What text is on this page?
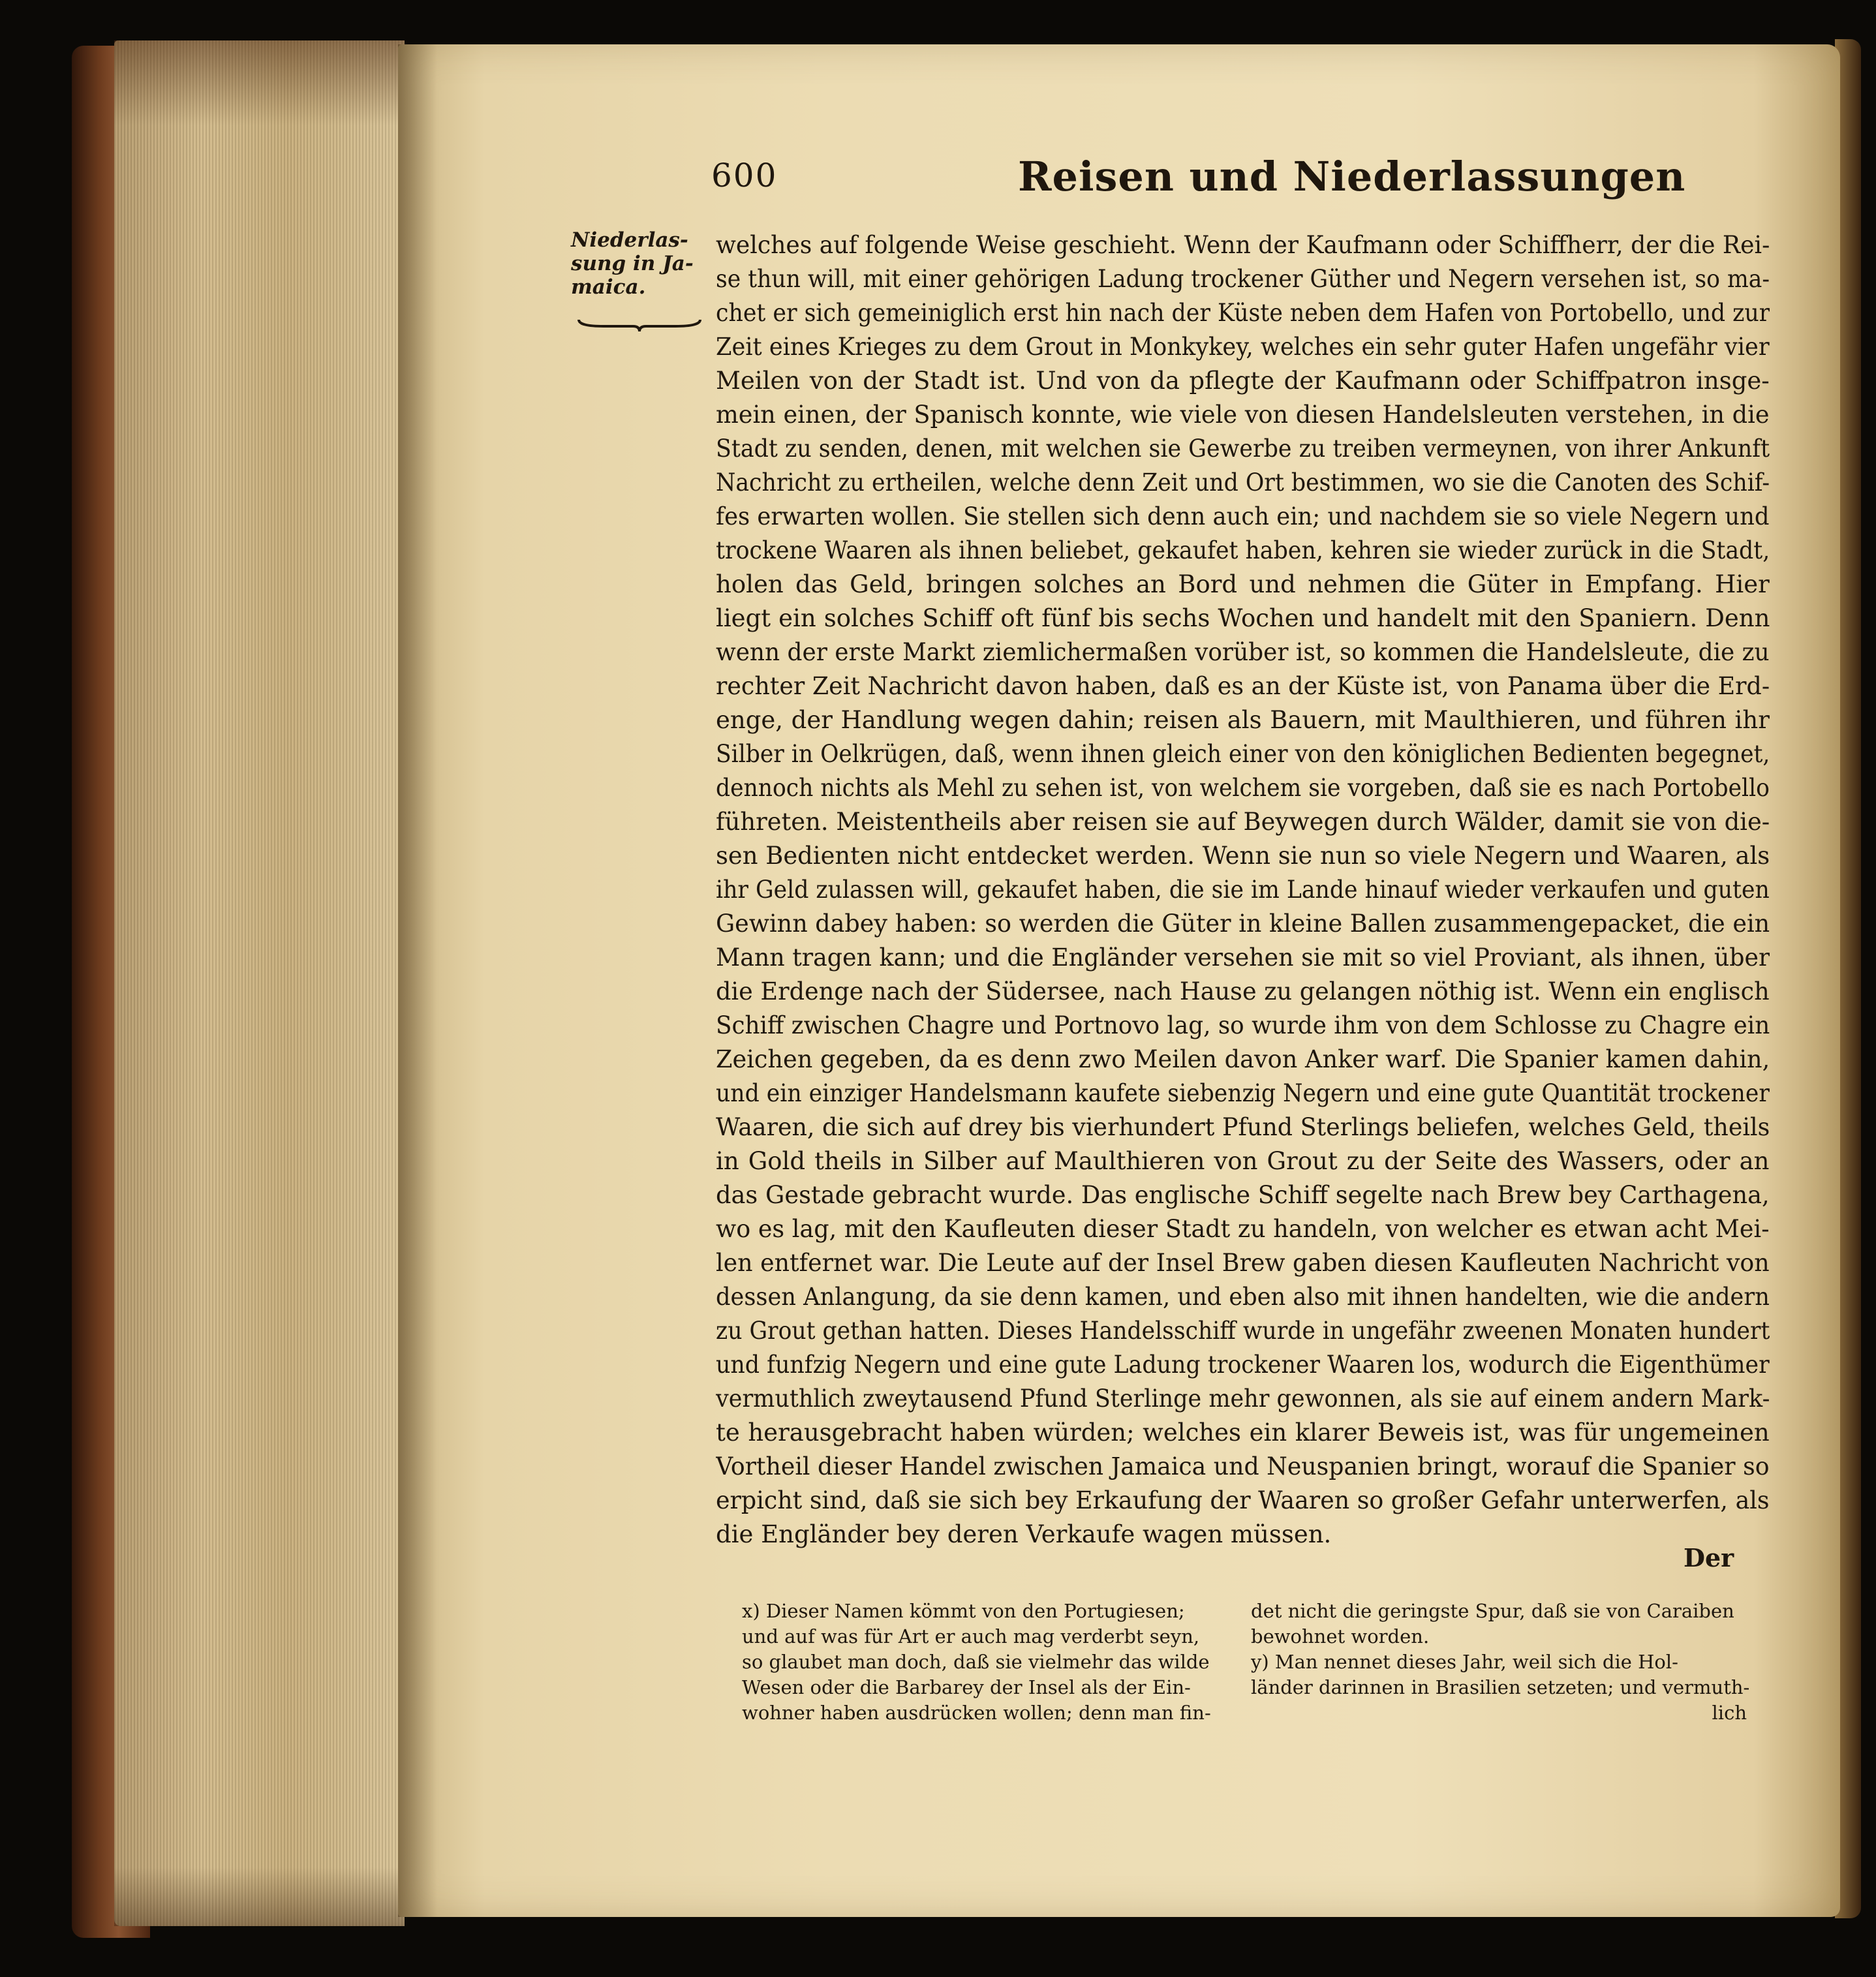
600	Reisen und Niederlassungen
Niederlas-
sung in Ja-
maica.
welches auf folgende Weise geschieht. Wenn der Kaufmann oder Schiffherr, der die Rei-
se thun will, mit einer gehörigen Ladung trockener Güther und Negern versehen ist, so ma-
chet er sich gemeiniglich erst hin nach der Küste neben dem Hafen von Portobello, und zur
Zeit eines Krieges zu dem Grout in Monkykey, welches ein sehr guter Hafen ungefähr vier
Meilen von der Stadt ist. Und von da pflegte der Kaufmann oder Schiffpatron insge-
mein einen, der Spanisch konnte, wie viele von diesen Handelsleuten verstehen, in die
Stadt zu senden, denen, mit welchen sie Gewerbe zu treiben vermeynen, von ihrer Ankunft
Nachricht zu ertheilen, welche denn Zeit und Ort bestimmen, wo sie die Canoten des Schif-
fes erwarten wollen. Sie stellen sich denn auch ein; und nachdem sie so viele Negern und
trockene Waaren als ihnen beliebet, gekaufet haben, kehren sie wieder zurück in die Stadt,
holen das Geld, bringen solches an Bord und nehmen die Güter in Empfang. Hier
liegt ein solches Schiff oft fünf bis sechs Wochen und handelt mit den Spaniern. Denn
wenn der erste Markt ziemlichermaßen vorüber ist, so kommen die Handelsleute, die zu
rechter Zeit Nachricht davon haben, daß es an der Küste ist, von Panama über die Erd-
enge, der Handlung wegen dahin; reisen als Bauern, mit Maulthieren, und führen ihr
Silber in Oelkrügen, daß, wenn ihnen gleich einer von den königlichen Bedienten begegnet,
dennoch nichts als Mehl zu sehen ist, von welchem sie vorgeben, daß sie es nach Portobello
führeten. Meistentheils aber reisen sie auf Beywegen durch Wälder, damit sie von die-
sen Bedienten nicht entdecket werden. Wenn sie nun so viele Negern und Waaren, als
ihr Geld zulassen will, gekaufet haben, die sie im Lande hinauf wieder verkaufen und guten
Gewinn dabey haben: so werden die Güter in kleine Ballen zusammengepacket, die ein
Mann tragen kann; und die Engländer versehen sie mit so viel Proviant, als ihnen, über
die Erdenge nach der Südersee, nach Hause zu gelangen nöthig ist. Wenn ein englisch
Schiff zwischen Chagre und Portnovo lag, so wurde ihm von dem Schlosse zu Chagre ein
Zeichen gegeben, da es denn zwo Meilen davon Anker warf. Die Spanier kamen dahin,
und ein einziger Handelsmann kaufete siebenzig Negern und eine gute Quantität trockener
Waaren, die sich auf drey bis vierhundert Pfund Sterlings beliefen, welches Geld, theils
in Gold theils in Silber auf Maulthieren von Grout zu der Seite des Wassers, oder an
das Gestade gebracht wurde. Das englische Schiff segelte nach Brew bey Carthagena,
wo es lag, mit den Kaufleuten dieser Stadt zu handeln, von welcher es etwan acht Mei-
len entfernet war. Die Leute auf der Insel Brew gaben diesen Kaufleuten Nachricht von
dessen Anlangung, da sie denn kamen, und eben also mit ihnen handelten, wie die andern
zu Grout gethan hatten. Dieses Handelsschiff wurde in ungefähr zweenen Monaten hundert
und funfzig Negern und eine gute Ladung trockener Waaren los, wodurch die Eigenthümer
vermuthlich zweytausend Pfund Sterlinge mehr gewonnen, als sie auf einem andern Mark-
te herausgebracht haben würden; welches ein klarer Beweis ist, was für ungemeinen
Vortheil dieser Handel zwischen Jamaica und Neuspanien bringt, worauf die Spanier so
erpicht sind, daß sie sich bey Erkaufung der Waaren so großer Gefahr unterwerfen, als
die Engländer bey deren Verkaufe wagen müssen.
Der
x) Dieser Namen kömmt von den Portugiesen;
und auf was für Art er auch mag verderbt seyn,
so glaubet man doch, daß sie vielmehr das wilde
Wesen oder die Barbarey der Insel als der Ein-
wohner haben ausdrücken wollen; denn man fin-
det nicht die geringste Spur, daß sie von Caraiben
bewohnet worden.
y) Man nennet dieses Jahr, weil sich die Hol-
länder darinnen in Brasilien setzeten; und vermuth-
lich
